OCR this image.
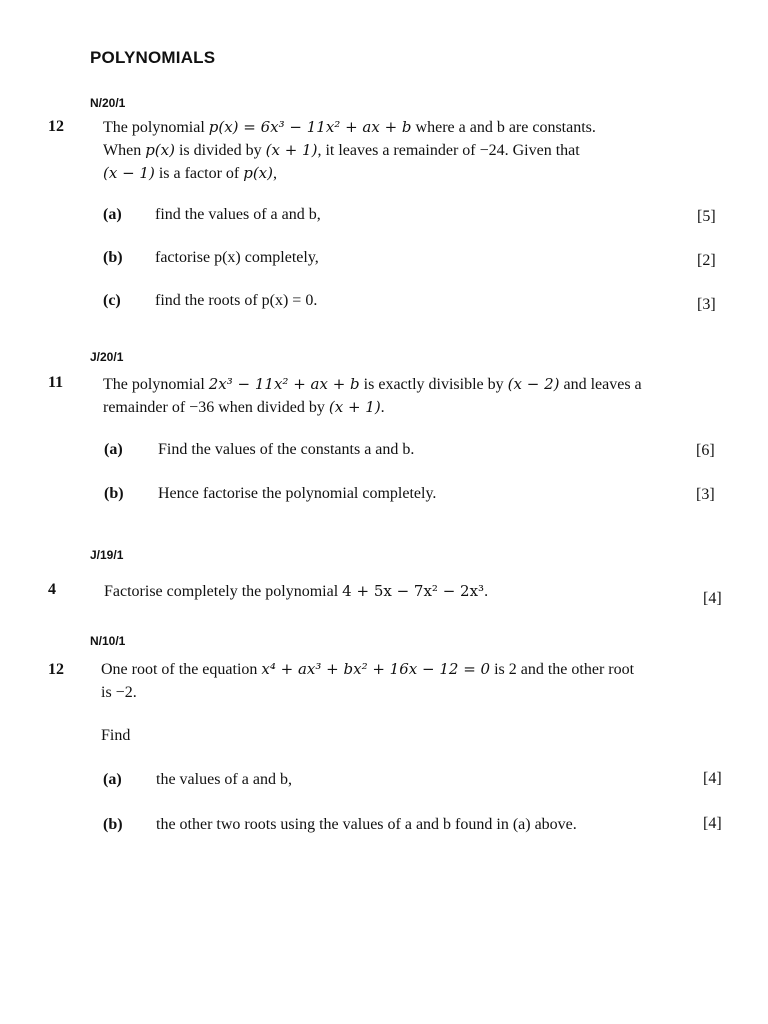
POLYNOMIALS
N/20/1
12 The polynomial p(x) = 6x³ − 11x² + ax + b where a and b are constants.
When p(x) is divided by (x + 1), it leaves a remainder of −24. Given that
(x − 1) is a factor of p(x),
(a) find the values of a and b,	[5]
(b) factorise p(x) completely,	[2]
(c) find the roots of p(x) = 0.	[3]
J/20/1
11 The polynomial 2x³ − 11x² + ax + b is exactly divisible by (x − 2) and leaves a
remainder of −36 when divided by (x + 1).
(a) Find the values of the constants a and b.	[6]
(b) Hence factorise the polynomial completely.	[3]
J/19/1
4	Factorise completely the polynomial 4 + 5x − 7x² − 2x³.	[4]
N/10/1
12 One root of the equation x⁴ + ax³ + bx² + 16x − 12 = 0 is 2 and the other root
is −2.
Find
(a) the values of a and b,	[4]
(b) the other two roots using the values of a and b found in (a) above.	[4]
